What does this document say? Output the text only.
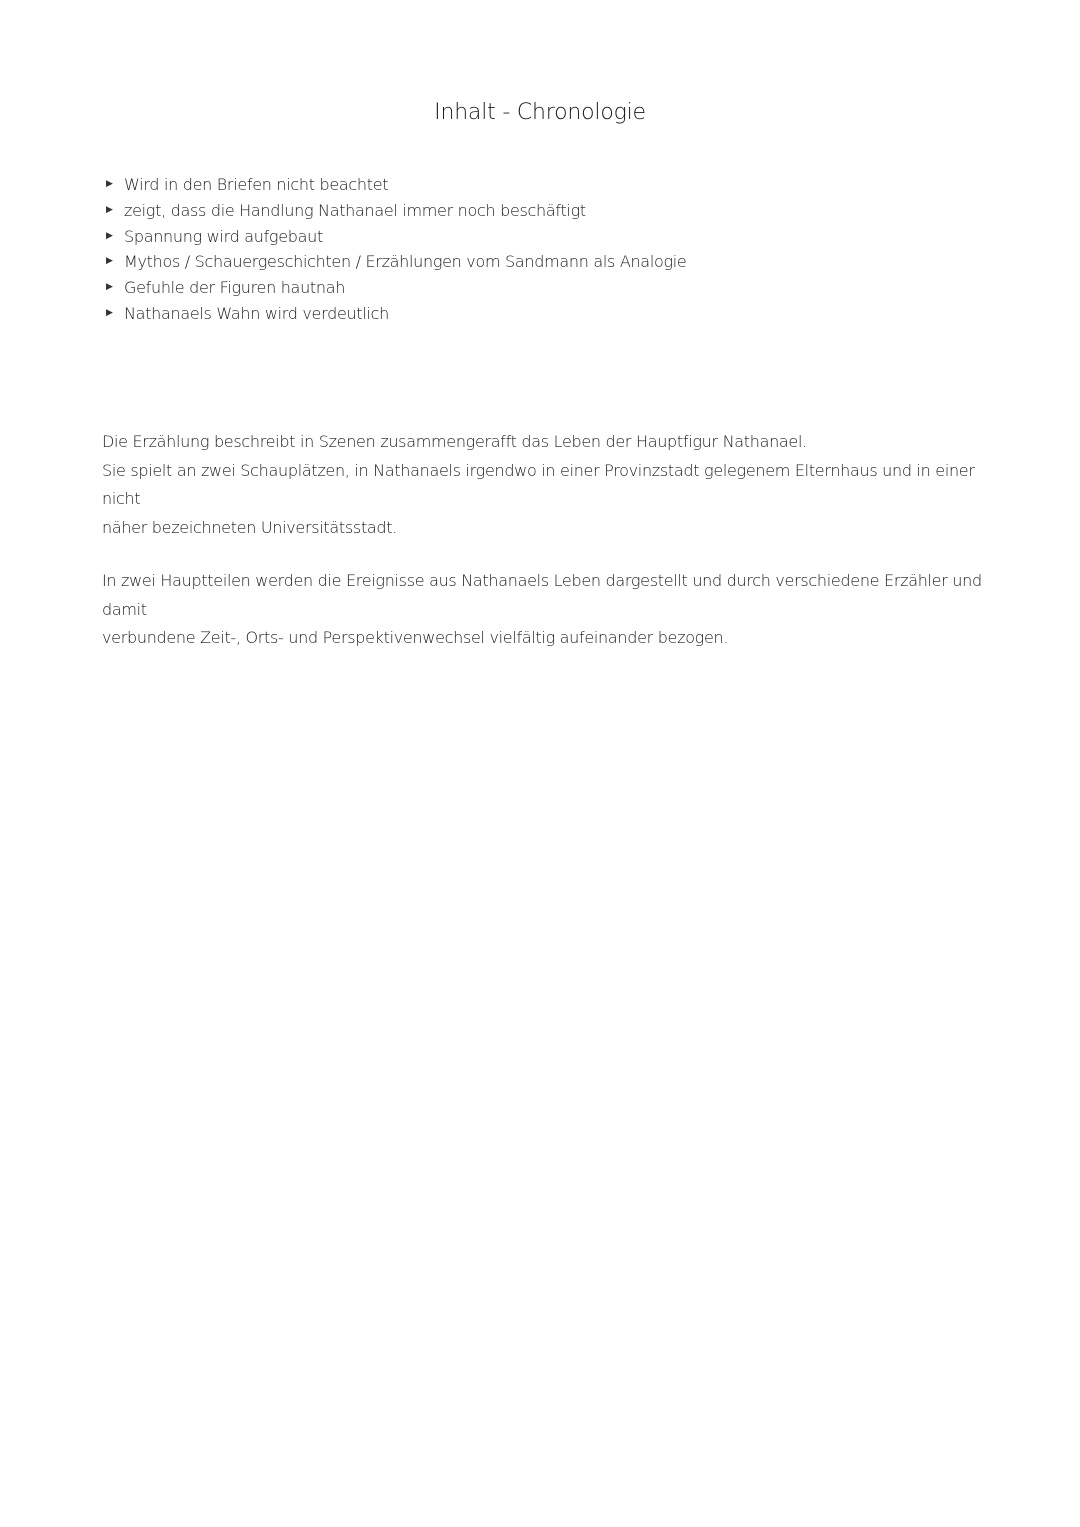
Inhalt - Chronologie
▶ Wird in den Briefen nicht beachtet
▶ zeigt, dass die Handlung Nathanael immer noch beschäftigt
▶ Spannung wird aufgebaut
▶ Mythos / Schauergeschichten / Erzählungen vom Sandmann als Analogie
▶ Gefuhle der Figuren hautnah
▶ Nathanaels Wahn wird verdeutlich

Die Erzählung beschreibt in Szenen zusammengerafft das Leben der Hauptfigur Nathanael.
Sie spielt an zwei Schauplätzen, in Nathanaels irgendwo in einer Provinzstadt gelegenem Elternhaus und in einer nicht
näher bezeichneten Universitätsstadt.

In zwei Hauptteilen werden die Ereignisse aus Nathanaels Leben dargestellt und durch verschiedene Erzähler und damit
verbundene Zeit-, Orts- und Perspektivenwechsel vielfältig aufeinander bezogen.
